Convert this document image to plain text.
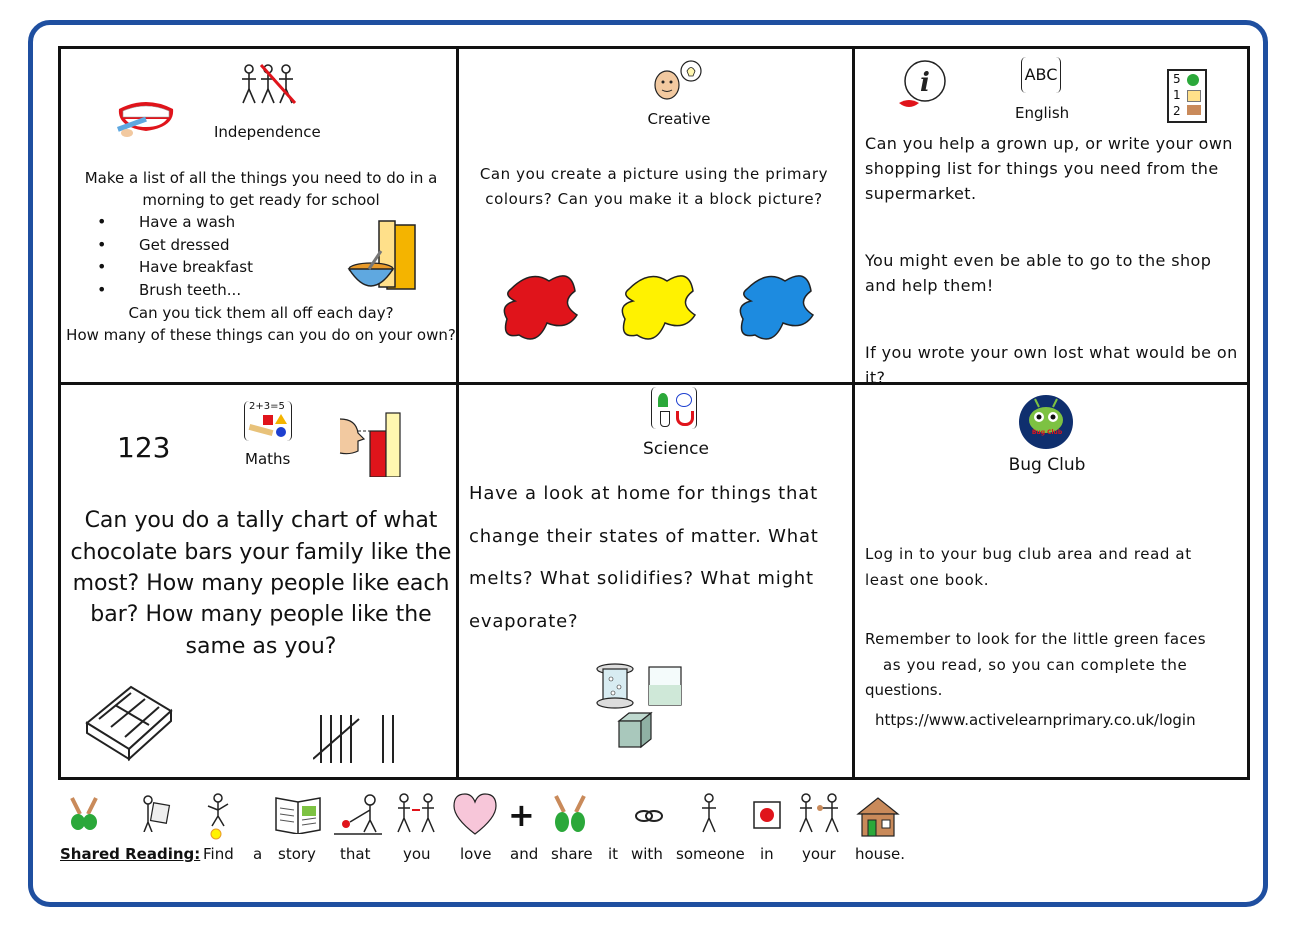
Independence
Make a list of all the things you need to do in a
morning to get ready for school
• Have a wash
• Get dressed
• Have breakfast
• Brush teeth...
Can you tick them all off each day?
How many of these things can you do on your own?
Creative
Can you create a picture using the primary
colours? Can you make it a block picture?
i	ABC
English
5
1
2
Can you help a grown up, or write your own
shopping list for things you need from the
supermarket.
You might even be able to go to the shop
and help them!
If you wrote your own lost what would be on
it?
123
2+3=5
Maths
Can you do a tally chart of what
chocolate bars your family like the
most? How many people like each
bar? How many people like the
same as you?
Science
Have a look at home for things that
change their states of matter. What
melts? What solidifies? What might
evaporate?
Bug Club
Bug Club
Log in to your bug club area and read at
least one book.
Remember to look for the little green faces
as you read, so you can complete the
questions.
https://www.activelearnprimary.co.uk/login
+
Shared Reading: Find a story that you love and share it with someone in your house.
